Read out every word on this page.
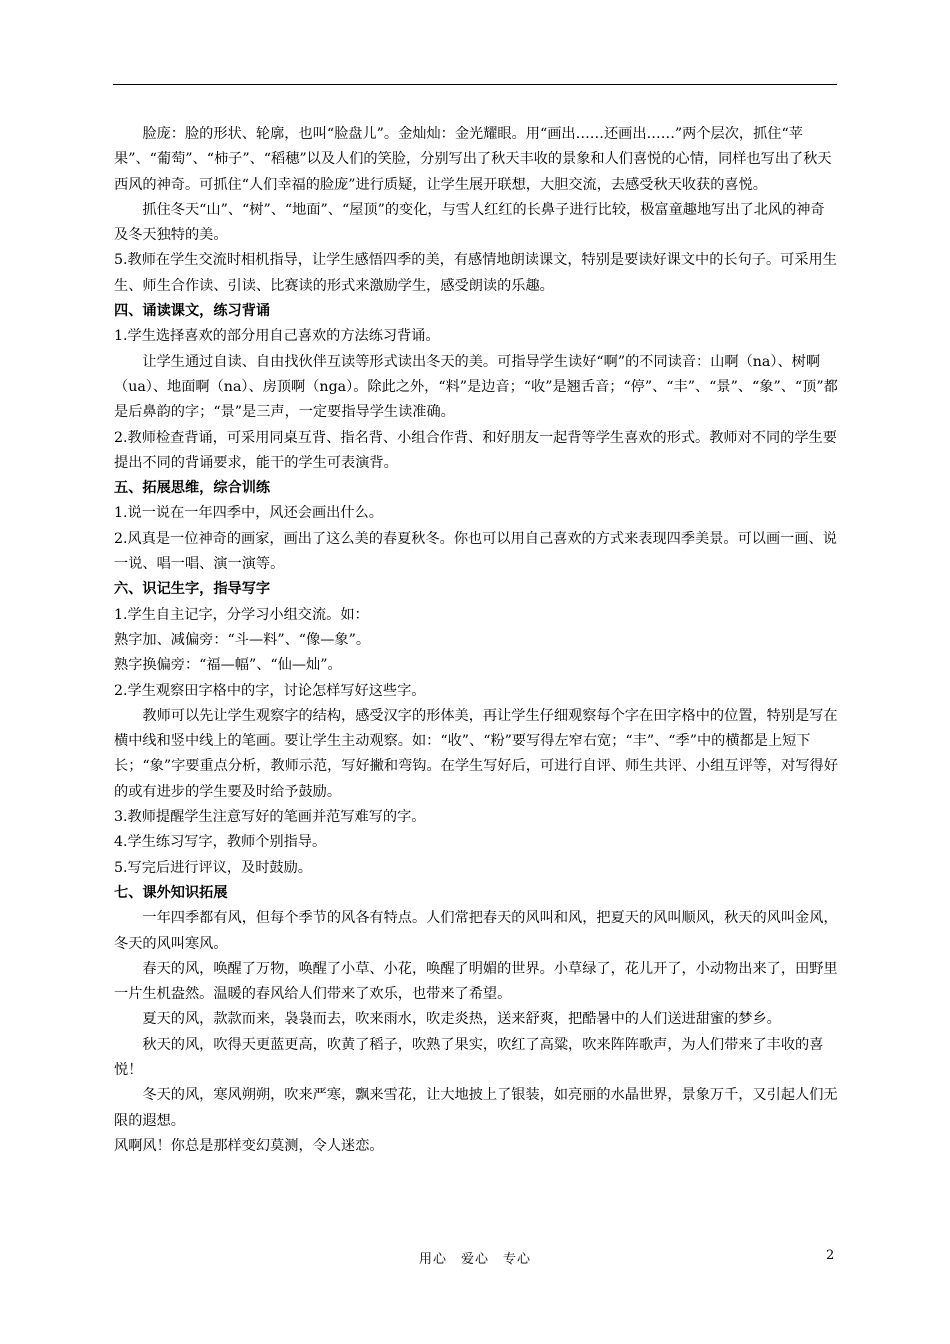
脸庞：脸的形状、轮廓，也叫“脸盘儿”。金灿灿：金光耀眼。用“画出……还画出……”两个层次，抓住“苹果”、“葡萄”、“柿子”、“稻穗”以及人们的笑脸，分别写出了秋天丰收的景象和人们喜悦的心情，同样也写出了秋天西风的神奇。可抓住“人们幸福的脸庞”进行质疑，让学生展开联想，大胆交流，去感受秋天收获的喜悦。

抓住冬天“山”、“树”、“地面”、“屋顶”的变化，与雪人红红的长鼻子进行比较，极富童趣地写出了北风的神奇及冬天独特的美。

5.教师在学生交流时相机指导，让学生感悟四季的美，有感情地朗读课文，特别是要读好课文中的长句子。可采用生生、师生合作读、引读、比赛读的形式来激励学生，感受朗读的乐趣。

四、诵读课文，练习背诵

1.学生选择喜欢的部分用自己喜欢的方法练习背诵。

让学生通过自读、自由找伙伴互读等形式读出冬天的美。可指导学生读好“啊”的不同读音：山啊（na）、树啊（ua）、地面啊（na）、房顶啊（nga）。除此之外，“料”是边音；“收”是翘舌音；“停”、“丰”、“景”、“象”、“顶”都是后鼻韵的字；“景”是三声，一定要指导学生读准确。

2.教师检查背诵，可采用同桌互背、指名背、小组合作背、和好朋友一起背等学生喜欢的形式。教师对不同的学生要提出不同的背诵要求，能干的学生可表演背。

五、拓展思维，综合训练

1.说一说在一年四季中，风还会画出什么。

2.风真是一位神奇的画家，画出了这么美的春夏秋冬。你也可以用自己喜欢的方式来表现四季美景。可以画一画、说一说、唱一唱、演一演等。

六、识记生字，指导写字

1.学生自主记字，分学习小组交流。如：

熟字加、减偏旁：“斗—料”、“像—象”。

熟字换偏旁：“福—幅”、“仙—灿”。

2.学生观察田字格中的字，讨论怎样写好这些字。

教师可以先让学生观察字的结构，感受汉字的形体美，再让学生仔细观察每个字在田字格中的位置，特别是写在横中线和竖中线上的笔画。要让学生主动观察。如：“收”、“粉”要写得左窄右宽；“丰”、“季”中的横都是上短下长；“象”字要重点分析，教师示范，写好撇和弯钩。在学生写好后，可进行自评、师生共评、小组互评等，对写得好的或有进步的学生要及时给予鼓励。

3.教师提醒学生注意写好的笔画并范写难写的字。

4.学生练习写字，教师个别指导。

5.写完后进行评议，及时鼓励。

七、课外知识拓展

一年四季都有风，但每个季节的风各有特点。人们常把春天的风叫和风，把夏天的风叫顺风，秋天的风叫金风，冬天的风叫寒风。

春天的风，唤醒了万物，唤醒了小草、小花，唤醒了明媚的世界。小草绿了，花儿开了，小动物出来了，田野里一片生机盎然。温暖的春风给人们带来了欢乐，也带来了希望。

夏天的风，款款而来，袅袅而去，吹来雨水，吹走炎热，送来舒爽，把酷暑中的人们送进甜蜜的梦乡。

秋天的风，吹得天更蓝更高，吹黄了稻子，吹熟了果实，吹红了高粱，吹来阵阵歌声，为人们带来了丰收的喜悦！

冬天的风，寒风朔朔，吹来严寒，飘来雪花，让大地披上了银装，如亮丽的水晶世界，景象万千，又引起人们无限的遐想。

风啊风！你总是那样变幻莫测，令人迷恋。

用心　爱心　专心	2
